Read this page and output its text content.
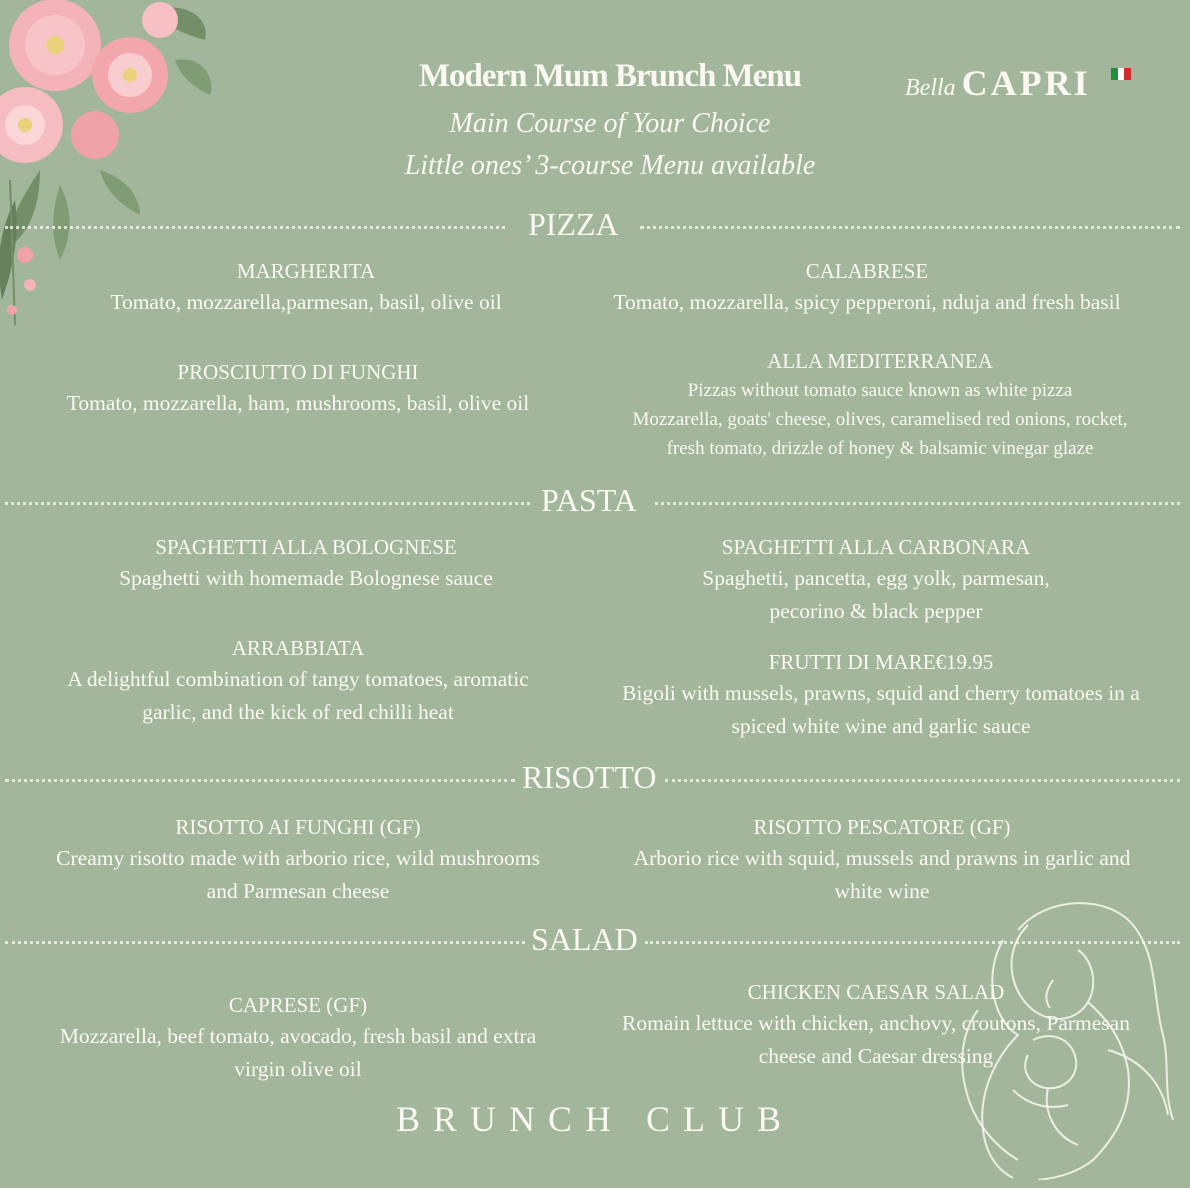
Modern Mum Brunch Menu
Main Course of Your Choice
Little ones’ 3-course Menu available
Bella CAPRI
PIZZA
MARGHERITA
Tomato, mozzarella,parmesan, basil, olive oil
CALABRESE
Tomato, mozzarella, spicy pepperoni, nduja and fresh basil
PROSCIUTTO DI FUNGHI
Tomato, mozzarella, ham, mushrooms, basil, olive oil
ALLA MEDITERRANEA
Pizzas without tomato sauce known as white pizza
Mozzarella, goats' cheese, olives, caramelised red onions, rocket,
fresh tomato, drizzle of honey & balsamic vinegar glaze
PASTA
SPAGHETTI ALLA BOLOGNESE
Spaghetti with homemade Bolognese sauce
SPAGHETTI ALLA CARBONARA
Spaghetti, pancetta, egg yolk, parmesan,
pecorino & black pepper
ARRABBIATA
A delightful combination of tangy tomatoes, aromatic
garlic, and the kick of red chilli heat
FRUTTI DI MARE€19.95
Bigoli with mussels, prawns, squid and cherry tomatoes in a
spiced white wine and garlic sauce
RISOTTO
RISOTTO AI FUNGHI (GF)
Creamy risotto made with arborio rice, wild mushrooms
and Parmesan cheese
RISOTTO PESCATORE (GF)
Arborio rice with squid, mussels and prawns in garlic and
white wine
SALAD
CAPRESE (GF)
Mozzarella, beef tomato, avocado, fresh basil and extra
virgin olive oil
CHICKEN CAESAR SALAD
Romain lettuce with chicken, anchovy, croutons, Parmesan
cheese and Caesar dressing
BRUNCH CLUB
